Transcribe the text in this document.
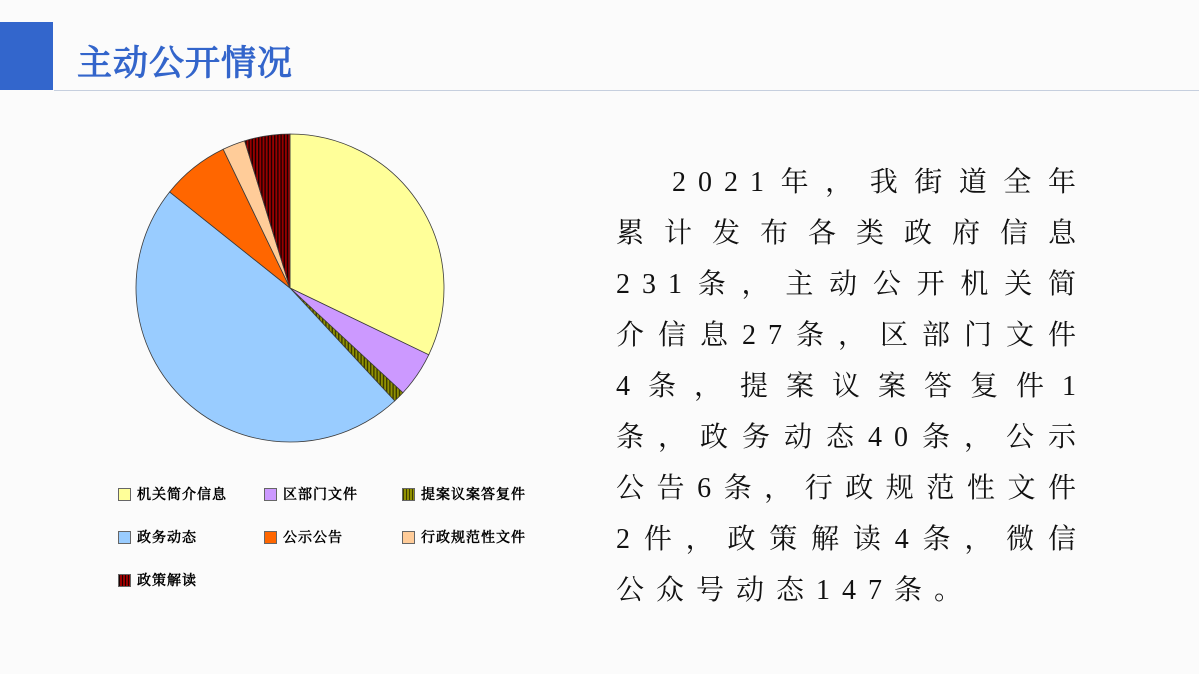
主动公开情况
机关简介信息	区部门文件	提案议案答复件
政务动态	公示公告	行政规范性文件
政策解读
2021年，我街道全年累计发布各类政府信息231条，主动公开机关简介信息27条，区部门文件4条，提案议案答复件1条，政务动态40条，公示公告6条，行政规范性文件2件，政策解读4条，微信公众号动态147条。
